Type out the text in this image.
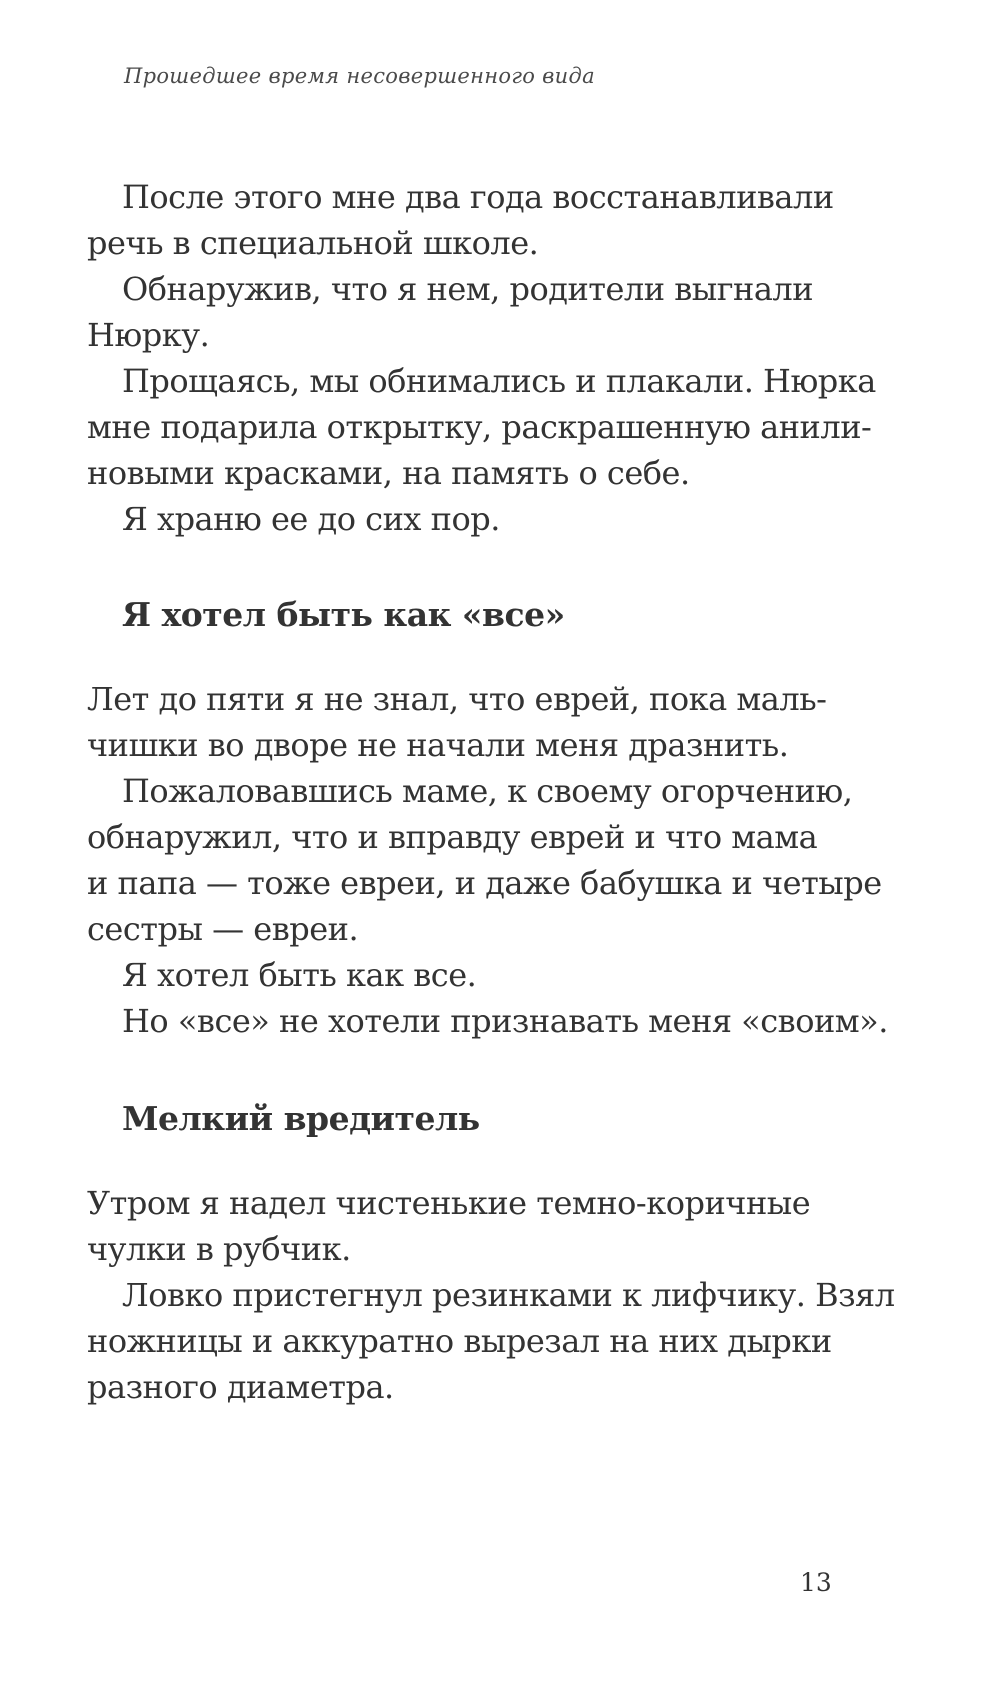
Прошедшее время несовершенного вида
После этого мне два года восстанавливали
речь в специальной школе.
Обнаружив, что я нем, родители выгнали
Нюрку.
Прощаясь, мы обнимались и плакали. Нюрка
мне подарила открытку, раскрашенную анили-
новыми красками, на память о себе.
Я храню ее до сих пор.
Я хотел быть как «все»
Лет до пяти я не знал, что еврей, пока маль-
чишки во дворе не начали меня дразнить.
Пожаловавшись маме, к своему огорчению,
обнаружил, что и вправду еврей и что мама
и папа — тоже евреи, и даже бабушка и четыре
сестры — евреи.
Я хотел быть как все.
Но «все» не хотели признавать меня «своим».
Мелкий вредитель
Утром я надел чистенькие темно-коричные
чулки в рубчик.
Ловко пристегнул резинками к лифчику. Взял
ножницы и аккуратно вырезал на них дырки
разного диаметра.
13
